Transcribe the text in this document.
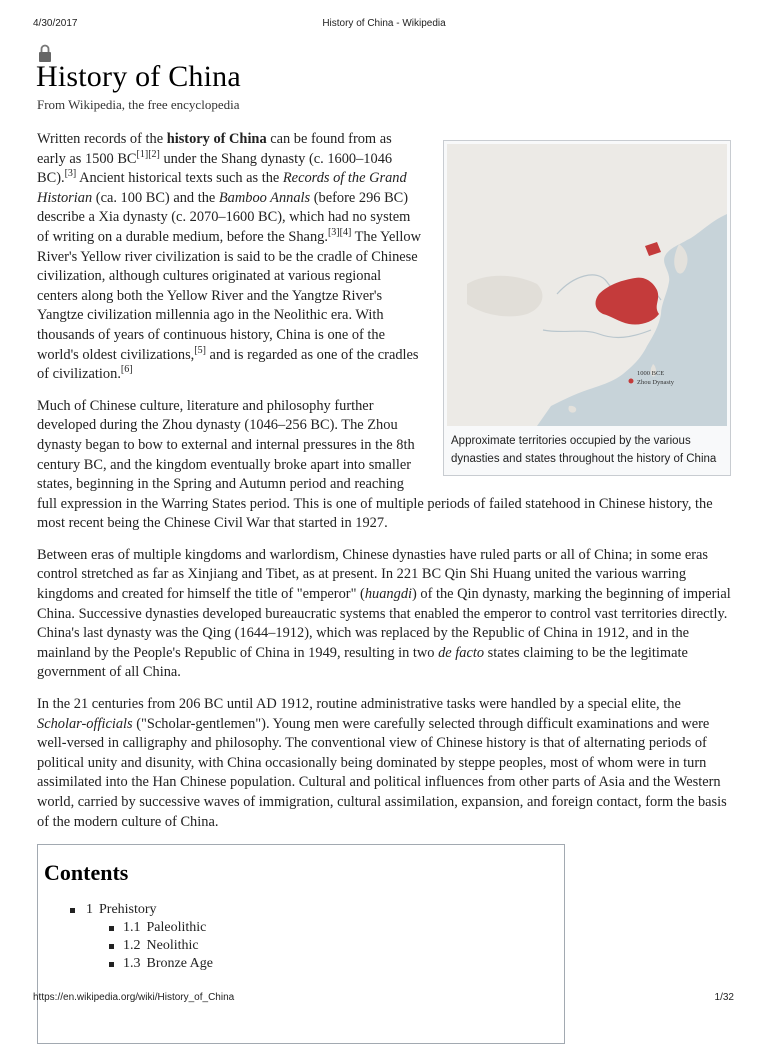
4/30/2017	History of China - Wikipedia
History of China
From Wikipedia, the free encyclopedia
1000 BCE
Zhou Dynasty
Approximate territories occupied by the various dynasties and states throughout the history of China

Written records of the history of China can be found from as early as 1500 BC[1][2] under the Shang dynasty (c. 1600–1046 BC).[3] Ancient historical texts such as the Records of the Grand Historian (ca. 100 BC) and the Bamboo Annals (before 296 BC) describe a Xia dynasty (c. 2070–1600 BC), which had no system of writing on a durable medium, before the Shang.[3][4] The Yellow River's Yellow river civilization is said to be the cradle of Chinese civilization, although cultures originated at various regional centers along both the Yellow River and the Yangtze River's Yangtze civilization millennia ago in the Neolithic era. With thousands of years of continuous history, China is one of the world's oldest civilizations,[5] and is regarded as one of the cradles of civilization.[6]

Much of Chinese culture, literature and philosophy further developed during the Zhou dynasty (1046–256 BC). The Zhou dynasty began to bow to external and internal pressures in the 8th century BC, and the kingdom eventually broke apart into smaller states, beginning in the Spring and Autumn period and reaching full expression in the Warring States period. This is one of multiple periods of failed statehood in Chinese history, the most recent being the Chinese Civil War that started in 1927.

Between eras of multiple kingdoms and warlordism, Chinese dynasties have ruled parts or all of China; in some eras control stretched as far as Xinjiang and Tibet, as at present. In 221 BC Qin Shi Huang united the various warring kingdoms and created for himself the title of "emperor" (huangdi) of the Qin dynasty, marking the beginning of imperial China. Successive dynasties developed bureaucratic systems that enabled the emperor to control vast territories directly. China's last dynasty was the Qing (1644–1912), which was replaced by the Republic of China in 1912, and in the mainland by the People's Republic of China in 1949, resulting in two de facto states claiming to be the legitimate government of all China.

In the 21 centuries from 206 BC until AD 1912, routine administrative tasks were handled by a special elite, the Scholar-officials ("Scholar-gentlemen"). Young men were carefully selected through difficult examinations and were well-versed in calligraphy and philosophy. The conventional view of Chinese history is that of alternating periods of political unity and disunity, with China occasionally being dominated by steppe peoples, most of whom were in turn assimilated into the Han Chinese population. Cultural and political influences from other parts of Asia and the Western world, carried by successive waves of immigration, cultural assimilation, expansion, and foreign contact, form the basis of the modern culture of China.

Contents
1 Prehistory
1.1 Paleolithic
1.2 Neolithic
1.3 Bronze Age
https://en.wikipedia.org/wiki/History_of_China	1/32
